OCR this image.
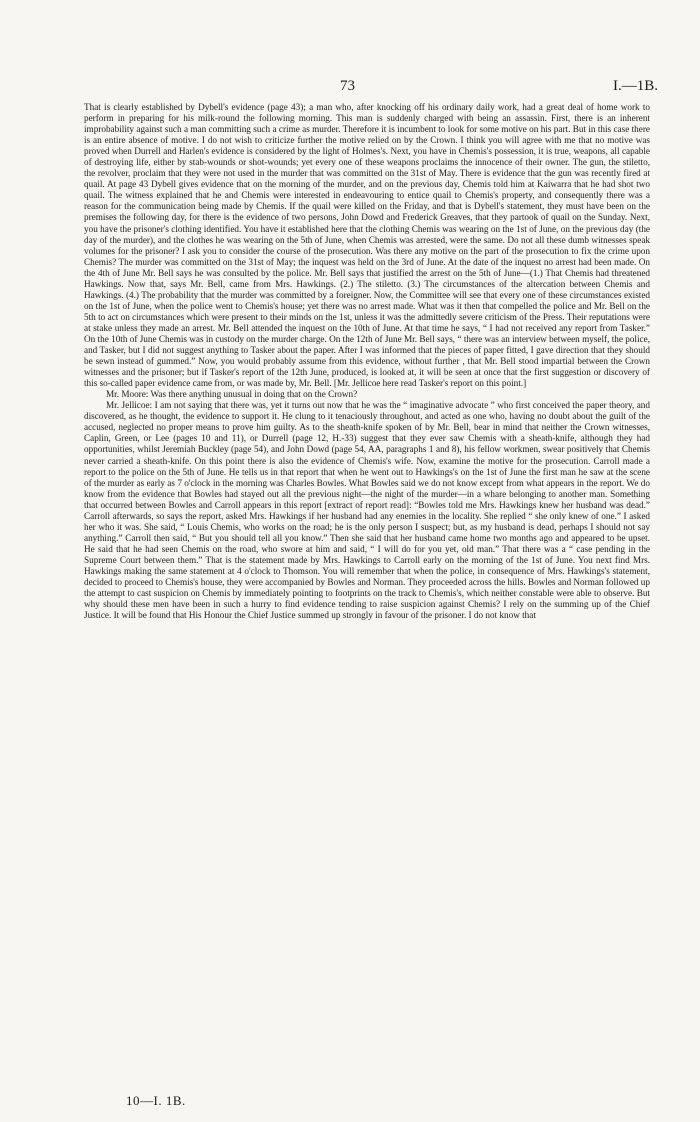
73	I.—1B.

That is clearly established by Dybell's evidence (page 43); a man who, after knocking off his ordinary daily work, had a great deal of home work to perform in preparing for his milk-round the following morning. This man is suddenly charged with being an assassin. First, there is an inherent improbability against such a man committing such a crime as murder. Therefore it is incumbent to look for some motive on his part. But in this case there is an entire absence of motive. I do not wish to criticize further the motive relied on by the Crown. I think you will agree with me that no motive was proved when Durrell and Harlen's evidence is considered by the light of Holmes's. Next, you have in Chemis's possession, it is true, weapons, all capable of destroying life, either by stab-wounds or shot-wounds; yet every one of these weapons proclaims the innocence of their owner. The gun, the stiletto, the revolver, proclaim that they were not used in the murder that was committed on the 31st of May. There is evidence that the gun was recently fired at quail. At page 43 Dybell gives evidence that on the morning of the murder, and on the previous day, Chemis told him at Kaiwarra that he had shot two quail. The witness explained that he and Chemis were interested in endeavouring to entice quail to Chemis's property, and consequently there was a reason for the communication being made by Chemis. If the quail were killed on the Friday, and that is Dybell's statement, they must have been on the premises the following day, for there is the evidence of two persons, John Dowd and Frederick Greaves, that they partook of quail on the Sunday. Next, you have the prisoner's clothing identified. You have it established here that the clothing Chemis was wearing on the 1st of June, on the previous day (the day of the murder), and the clothes he was wearing on the 5th of June, when Chemis was arrested, were the same. Do not all these dumb witnesses speak volumes for the prisoner? I ask you to consider the course of the prosecution. Was there any motive on the part of the prosecution to fix the crime upon Chemis? The murder was committed on the 31st of May; the inquest was held on the 3rd of June. At the date of the inquest no arrest had been made. On the 4th of June Mr. Bell says he was consulted by the police. Mr. Bell says that justified the arrest on the 5th of June—(1.) That Chemis had threatened Hawkings. Now that, says Mr. Bell, came from Mrs. Hawkings. (2.) The stiletto. (3.) The circumstances of the altercation between Chemis and Hawkings. (4.) The probability that the murder was committed by a foreigner. Now, the Committee will see that every one of these circumstances existed on the 1st of June, when the police went to Chemis's house; yet there was no arrest made. What was it then that compelled the police and Mr. Bell on the 5th to act on circumstances which were present to their minds on the 1st, unless it was the admittedly severe criticism of the Press. Their reputations were at stake unless they made an arrest. Mr. Bell attended the inquest on the 10th of June. At that time he says, “ I had not received any report from Tasker.” On the 10th of June Chemis was in custody on the murder charge. On the 12th of June Mr. Bell says, “ there was an interview between myself, the police, and Tasker, but I did not suggest anything to Tasker about the paper. After I was informed that the pieces of paper fitted, I gave direction that they should be sewn instead of gummed.” Now, you would probably assume from this evidence, without further , that Mr. Bell stood impartial between the Crown witnesses and the prisoner; but if Tasker's report of the 12th June, produced, is looked at, it will be seen at once that the first suggestion or discovery of this so-called paper evidence came from, or was made by, Mr. Bell. [Mr. Jellicoe here read Tasker's report on this point.]

Mr. Moore: Was there anything unusual in doing that on the Crown?

Mr. Jellicoe: I am not saying that there was, yet it turns out now that he was the “ imaginative advocate ” who first conceived the paper theory, and discovered, as he thought, the evidence to support it. He clung to it tenaciously throughout, and acted as one who, having no doubt about the guilt of the accused, neglected no proper means to prove him guilty. As to the sheath-knife spoken of by Mr. Bell, bear in mind that neither the Crown witnesses, Caplin, Green, or Lee (pages 10 and 11), or Durrell (page 12, H.-33) suggest that they ever saw Chemis with a sheath-knife, although they had opportunities, whilst Jeremiah Buckley (page 54), and John Dowd (page 54, AA, paragraphs 1 and 8), his fellow workmen, swear positively that Chemis never carried a sheath-knife. On this point there is also the evidence of Chemis's wife. Now, examine the motive for the prosecution. Carroll made a report to the police on the 5th of June. He tells us in that report that when he went out to Hawkings's on the 1st of June the first man he saw at the scene of the murder as early as 7 o'clock in the morning was Charles Bowles. What Bowles said we do not know except from what appears in the report. We do know from the evidence that Bowles had stayed out all the previous night—the night of the murder—in a whare belonging to another man. Something that occurred between Bowles and Carroll appears in this report [extract of report read]: “Bowles told me Mrs. Hawkings knew her husband was dead.” Carroll afterwards, so says the report, asked Mrs. Hawkings if her husband had any enemies in the locality. She replied “ she only knew of one.” I asked her who it was. She said, “ Louis Chemis, who works on the road; he is the only person I suspect; but, as my husband is dead, perhaps I should not say anything.” Carroll then said, “ But you should tell all you know.” Then she said that her husband came home two months ago and appeared to be upset. He said that he had seen Chemis on the road, who swore at him and said, “ I will do for you yet, old man.” That there was a “ case pending in the Supreme Court between them.” That is the statement made by Mrs. Hawkings to Carroll early on the morning of the 1st of June. You next find Mrs. Hawkings making the same statement at 4 o'clock to Thomson. You will remember that when the police, in consequence of Mrs. Hawkings's statement, decided to proceed to Chemis's house, they were accompanied by Bowles and Norman. They proceeded across the hills. Bowles and Norman followed up the attempt to cast suspicion on Chemis by immediately pointing to footprints on the track to Chemis's, which neither constable were able to observe. But why should these men have been in such a hurry to find evidence tending to raise suspicion against Chemis? I rely on the summing up of the Chief Justice. It will be found that His Honour the Chief Justice summed up strongly in favour of the prisoner. I do not know that

10—I. 1B.
